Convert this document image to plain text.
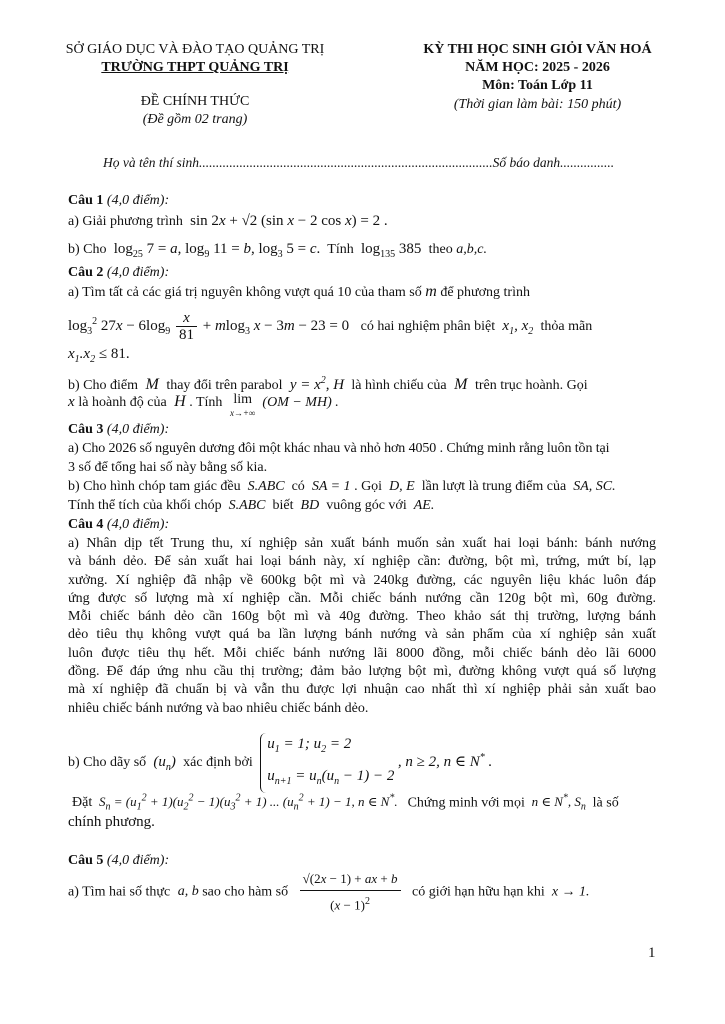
SỞ GIÁO DỤC VÀ ĐÀO TẠO QUẢNG TRỊ
TRƯỜNG THPT QUẢNG TRỊ
ĐỀ CHÍNH THỨC
(Đề gồm 02 trang)
KỲ THI HỌC SINH GIỎI VĂN HOÁ
NĂM HỌC: 2025 - 2026
Môn: Toán Lớp 11
(Thời gian làm bài: 150 phút)
Họ và tên thí sinh.......................................................................................Số báo danh................
Câu 1 (4,0 điểm):
a) Giải phương trình  sin 2x + √2 (sin x − 2 cos x) = 2 .
b) Cho  $\log_{25} 7 = a$, $\log_9 11 = b$, $\log_3 5 = c$.  Tính  $\log_{135} 385$  theo a,b,c.
Câu 2 (4,0 điểm):
a) Tìm tất cả các giá trị nguyên không vượt quá 10 của tham số m để phương trình
$\log_3^2 27x - 6\log_9 \frac{x}{81} + mlog_3$ x − 3m − 23 = 0 có hai nghiệm phân biệt  $x_1$, $x_2$ thỏa mãn
$x_1.x_2 \le 81$.
b) Cho điểm  M  thay đổi trên parabol  $y = x^2$, H  là hình chiếu của  M  trên trục hoành. Gọi
x là hoành độ của  H . Tính lim
x→+∞  (OM − MH) .
Câu 3 (4,0 điểm):
a) Cho 2026 số nguyên dương đôi một khác nhau và nhỏ hơn 4050 . Chứng minh rằng luôn tồn tại
3 số để tổng hai số này bằng số kia.
b) Cho hình chóp tam giác đều  S.ABC  có  SA = 1 . Gọi  D, E  lần lượt là trung điểm của  SA, SC.
Tính thể tích của khối chóp  S.ABC  biết  BD  vuông góc với  AE.
Câu 4 (4,0 điểm):
a) Nhân dịp tết Trung thu, xí nghiệp sản xuất bánh muốn sản xuất hai loại bánh: bánh nướng
và bánh dẻo. Để sản xuất hai loại bánh này, xí nghiệp cần: đường, bột mì, trứng, mứt bí, lạp
xưởng. Xí nghiệp đã nhập về 600kg bột mì và 240kg đường, các nguyên liệu khác luôn đáp
ứng được số lượng mà xí nghiệp cần. Mỗi chiếc bánh nướng cần 120g bột mì, 60g đường.
Mỗi chiếc bánh dẻo cần 160g bột mì và 40g đường. Theo khảo sát thị trường, lượng bánh
dẻo tiêu thụ không vượt quá ba lần lượng bánh nướng và sản phẩm của xí nghiệp sản xuất
luôn được tiêu thụ hết. Mỗi chiếc bánh nướng lãi 8000 đồng, mỗi chiếc bánh dẻo lãi 6000
đồng. Để đáp ứng nhu cầu thị trường; đảm bảo lượng bột mì, đường không vượt quá số lượng
mà xí nghiệp đã chuẩn bị và vẫn thu được lợi nhuận cao nhất thì xí nghiệp phải sản xuất bao
nhiêu chiếc bánh nướng và bao nhiêu chiếc bánh dẻo.
b) Cho dãy số  $(u_n)$  xác định bởi $u_1 = 1$; $u_2 = 2$
$u_{n+1} = u_n(u_n - 1) - 2$ , n ≥ 2, n ∈ N* .
Đặt  $S_n = (u_1^2 + 1)(u_2^2 - 1)(u_3^2 + 1)$ ... $(u_n^2 + 1) - 1$, n ∈ N*.   Chứng minh với mọi  n ∈ N*, $S_n$ là số
chính phương.
Câu 5 (4,0 điểm):
a) Tìm hai số thực a, b sao cho hàm số $\frac{√(2x - 1) + ax + b}{(x - 1)^2}$ có giới hạn hữu hạn khi  x → 1.
1
